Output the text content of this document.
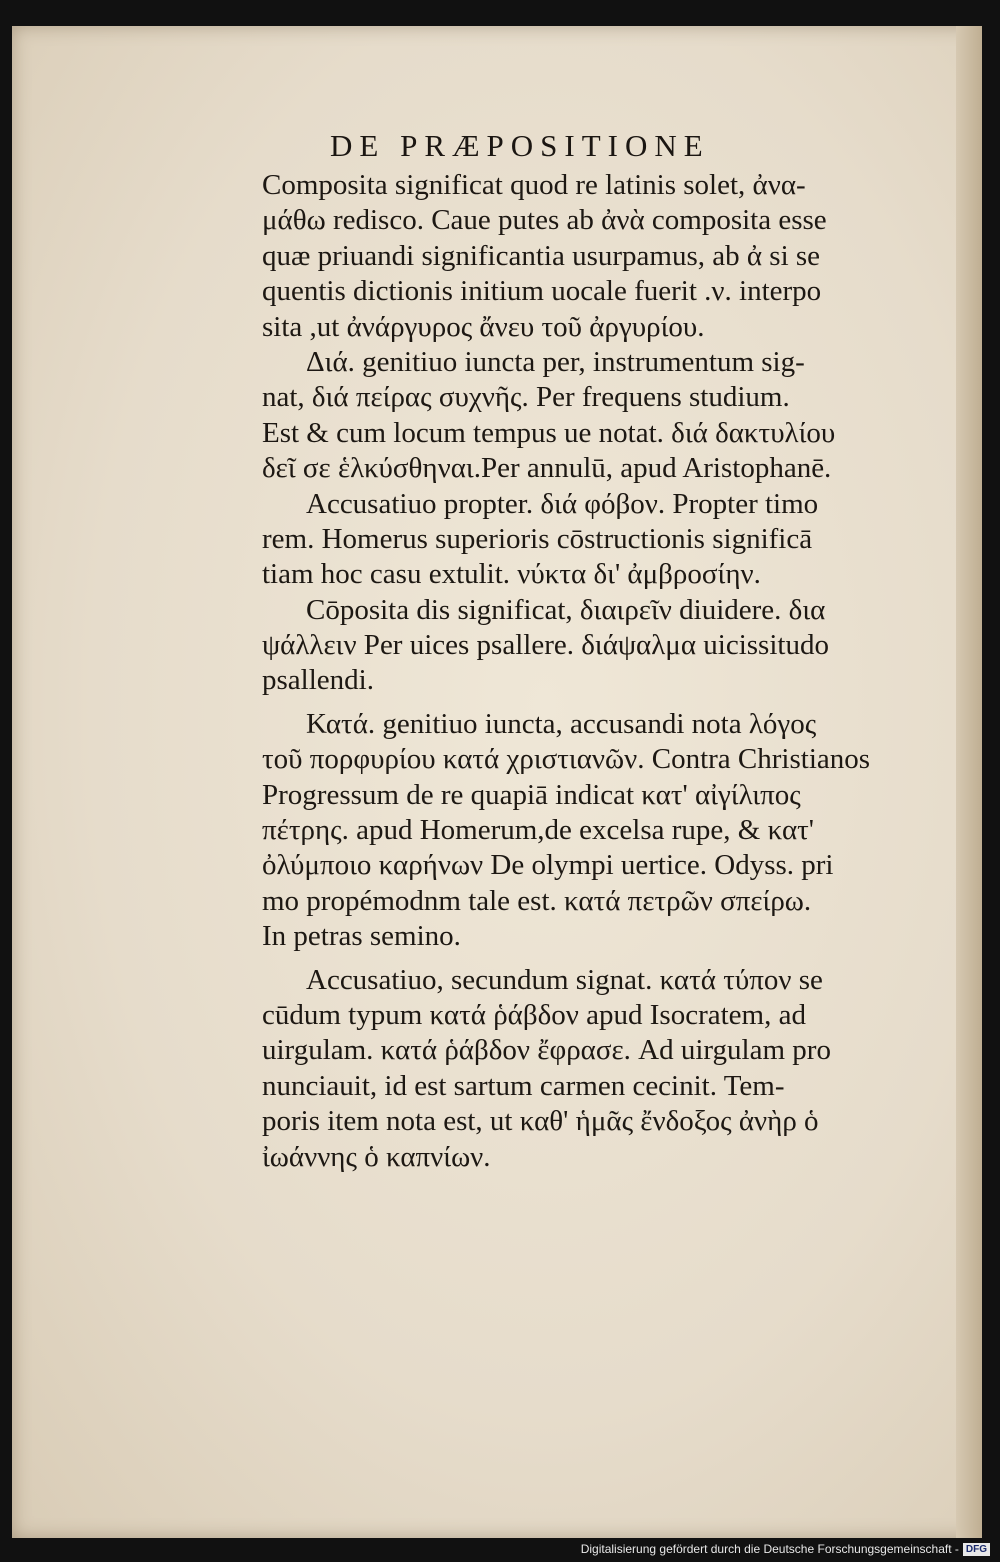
DE PRÆPOSITIONE
Composita significat quod re latinis solet, ἀνα-
μάθω redisco. Caue putes ab ἀνὰ composita esse
quæ priuandi significantia usurpamus, ab ἀ si se
quentis dictionis initium uocale fuerit .ν. interpo
sita ,ut ἀνάργυρος ἄνευ τοῦ ἀργυρίου.
Διά. genitiuo iuncta per, instrumentum sig-
nat, διά πείρας συχνῆς. Per frequens studium.
Est & cum locum tempus ue notat. διά δακτυλίου
δεῖ σε ἑλκύσθηναι.Per annulū, apud Aristophanē.
Accusatiuo propter. διά φόβον. Propter timo
rem. Homerus superioris cōstructionis significā
tiam hoc casu extulit. νύκτα δι' ἀμβροσίην.
Cōposita dis significat, διαιρεῖν diuidere. δια
ψάλλειν Per uices psallere. διάψαλμα uicissitudo
psallendi.
Κατά. genitiuo iuncta, accusandi nota λόγος
τοῦ πορφυρίου κατά χριστιανῶν. Contra Christianos
Progressum de re quapiā indicat κατ' αἰγίλιπος
πέτρης. apud Homerum,de excelsa rupe, & κατ'
ὀλύμποιο καρήνων De olympi uertice. Odyss. pri
mo propémodnm tale est. κατά πετρῶν σπείρω.
In petras semino.
Accusatiuo, secundum signat. κατά τύπον se
cūdum typum κατά ῥάβδον apud Isocratem, ad
uirgulam. κατά ῥάβδον ἔφρασε. Ad uirgulam pro
nunciauit, id est sartum carmen cecinit. Tem-
poris item nota est, ut καθ' ἡμᾶς ἔνδοξος ἀνὴρ ὁ
ἰωάννης ὁ καπνίων.
Digitalisierung gefördert durch die Deutsche Forschungsgemeinschaft - DFG
